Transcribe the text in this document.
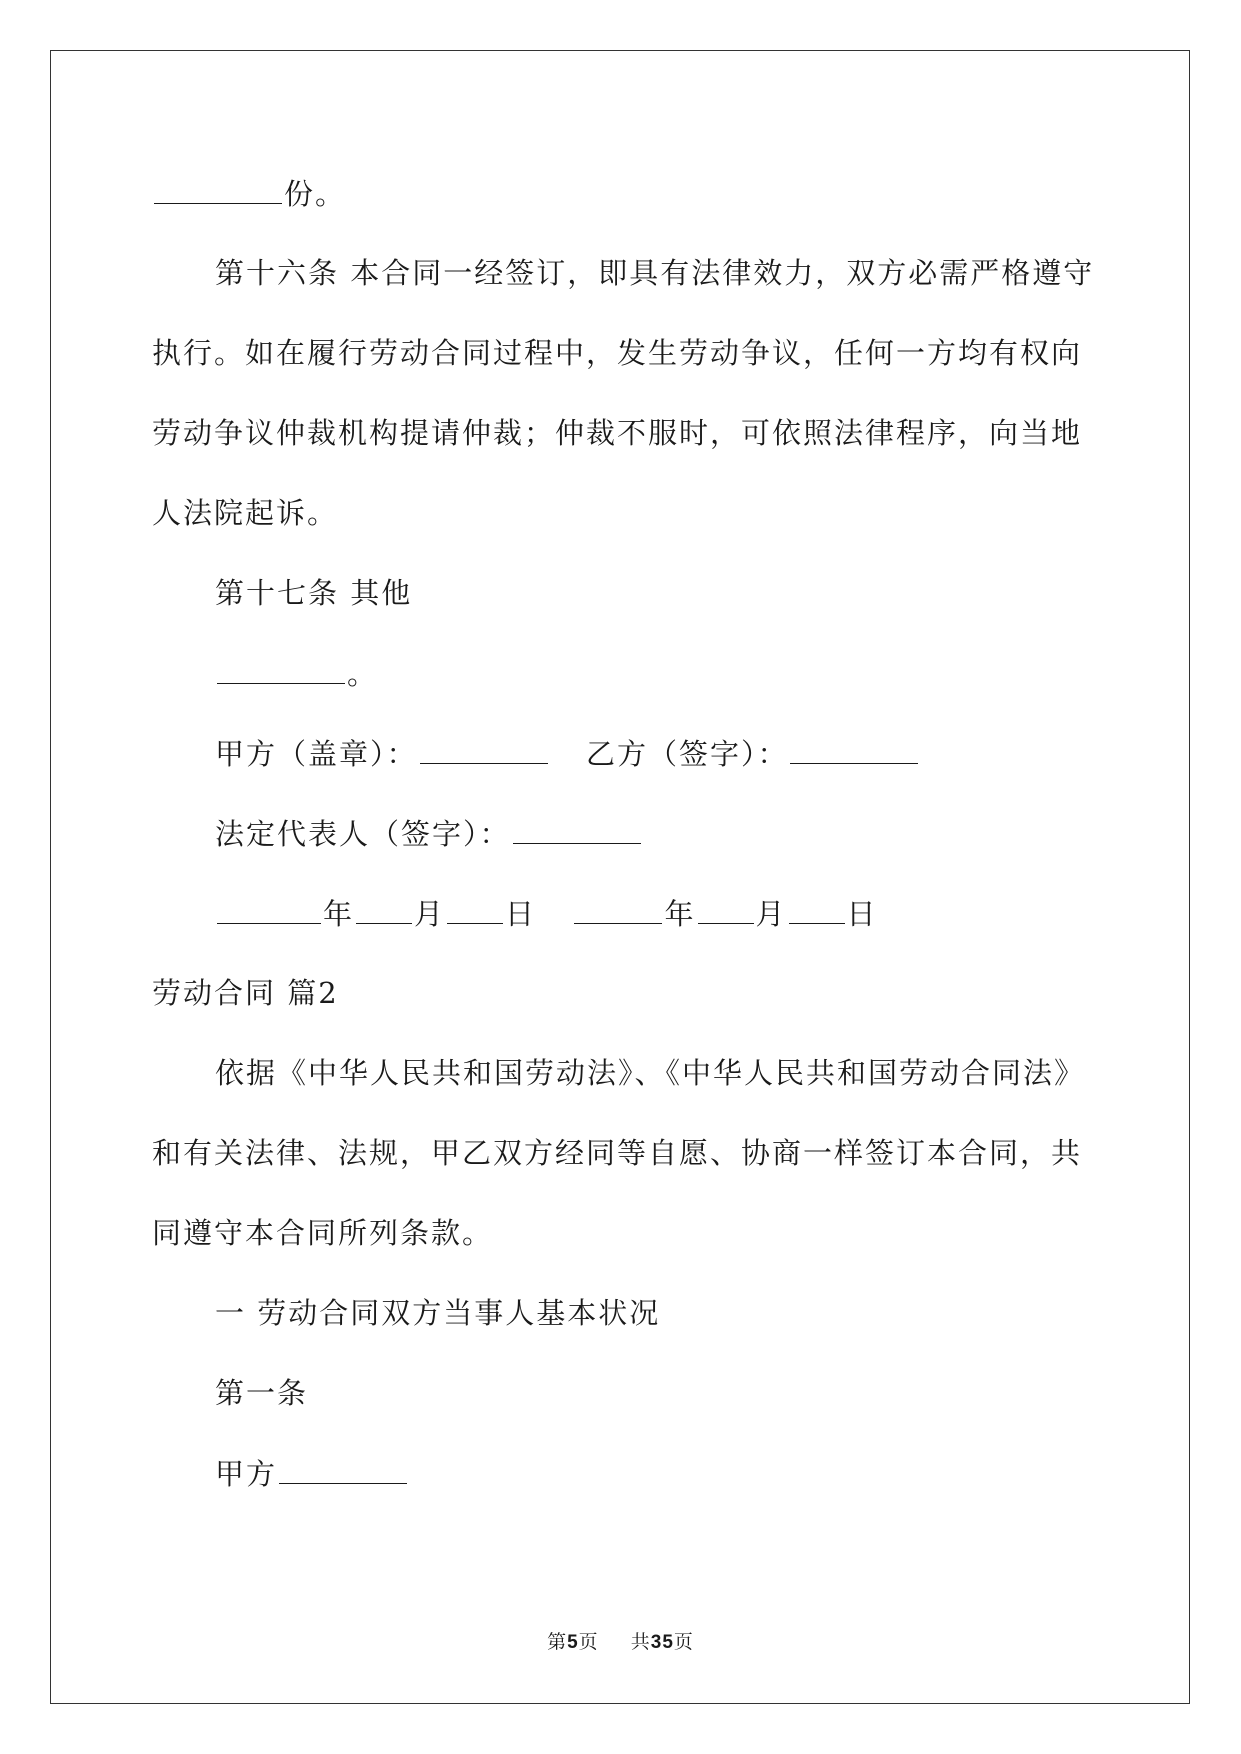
份。
第十六条 本合同一经签订，即具有法律效力，双方必需严格遵守
执行。如在履行劳动合同过程中，发生劳动争议，任何一方均有权向
劳动争议仲裁机构提请仲裁；仲裁不服时，可依照法律程序，向当地
人法院起诉。
第十七条 其他
。
甲方（盖章）：	乙方（签字）：
法定代表人（签字）：
年 月 日	年 月 日
劳动合同 篇2
依据《中华人民共和国劳动法》、《中华人民共和国劳动合同法》
和有关法律、法规，甲乙双方经同等自愿、协商一样签订本合同，共
同遵守本合同所列条款。
一 劳动合同双方当事人基本状况
第一条
甲方
第5页 共35页
